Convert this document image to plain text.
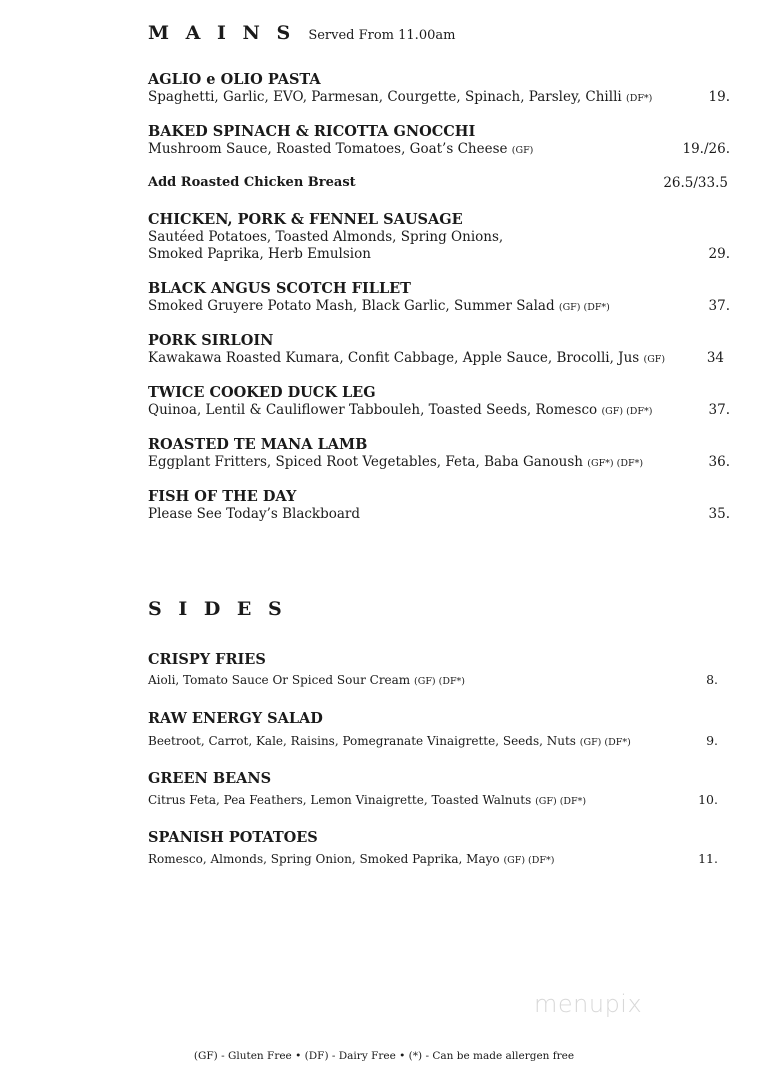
M A I N S Served From 11.00am
AGLIO e OLIO PASTA
Spaghetti, Garlic, EVO, Parmesan, Courgette, Spinach, Parsley, Chilli (DF*)	19.
BAKED SPINACH & RICOTTA GNOCCHI
Mushroom Sauce, Roasted Tomatoes, Goat’s Cheese (GF)	19./26.
Add Roasted Chicken Breast	26.5/33.5
CHICKEN, PORK & FENNEL SAUSAGE
Sautéed Potatoes, Toasted Almonds, Spring Onions,
Smoked Paprika, Herb Emulsion	29.
BLACK ANGUS SCOTCH FILLET
Smoked Gruyere Potato Mash, Black Garlic, Summer Salad (GF) (DF*)	37.
PORK SIRLOIN
Kawakawa Roasted Kumara, Confit Cabbage, Apple Sauce, Brocolli, Jus (GF)	34
TWICE COOKED DUCK LEG
Quinoa, Lentil & Cauliflower Tabbouleh, Toasted Seeds, Romesco (GF) (DF*)	37.
ROASTED TE MANA LAMB
Eggplant Fritters, Spiced Root Vegetables, Feta, Baba Ganoush (GF*) (DF*)	36.
FISH OF THE DAY
Please See Today’s Blackboard	35.
S I D E S
CRISPY FRIES
Aioli, Tomato Sauce Or Spiced Sour Cream (GF) (DF*)	8.
RAW ENERGY SALAD
Beetroot, Carrot, Kale, Raisins, Pomegranate Vinaigrette, Seeds, Nuts (GF) (DF*)	9.
GREEN BEANS
Citrus Feta, Pea Feathers, Lemon Vinaigrette, Toasted Walnuts (GF) (DF*)	10.
SPANISH POTATOES
Romesco, Almonds, Spring Onion, Smoked Paprika, Mayo (GF) (DF*)	11.
menupix
(GF) - Gluten Free • (DF) - Dairy Free • (*) - Can be made allergen free
